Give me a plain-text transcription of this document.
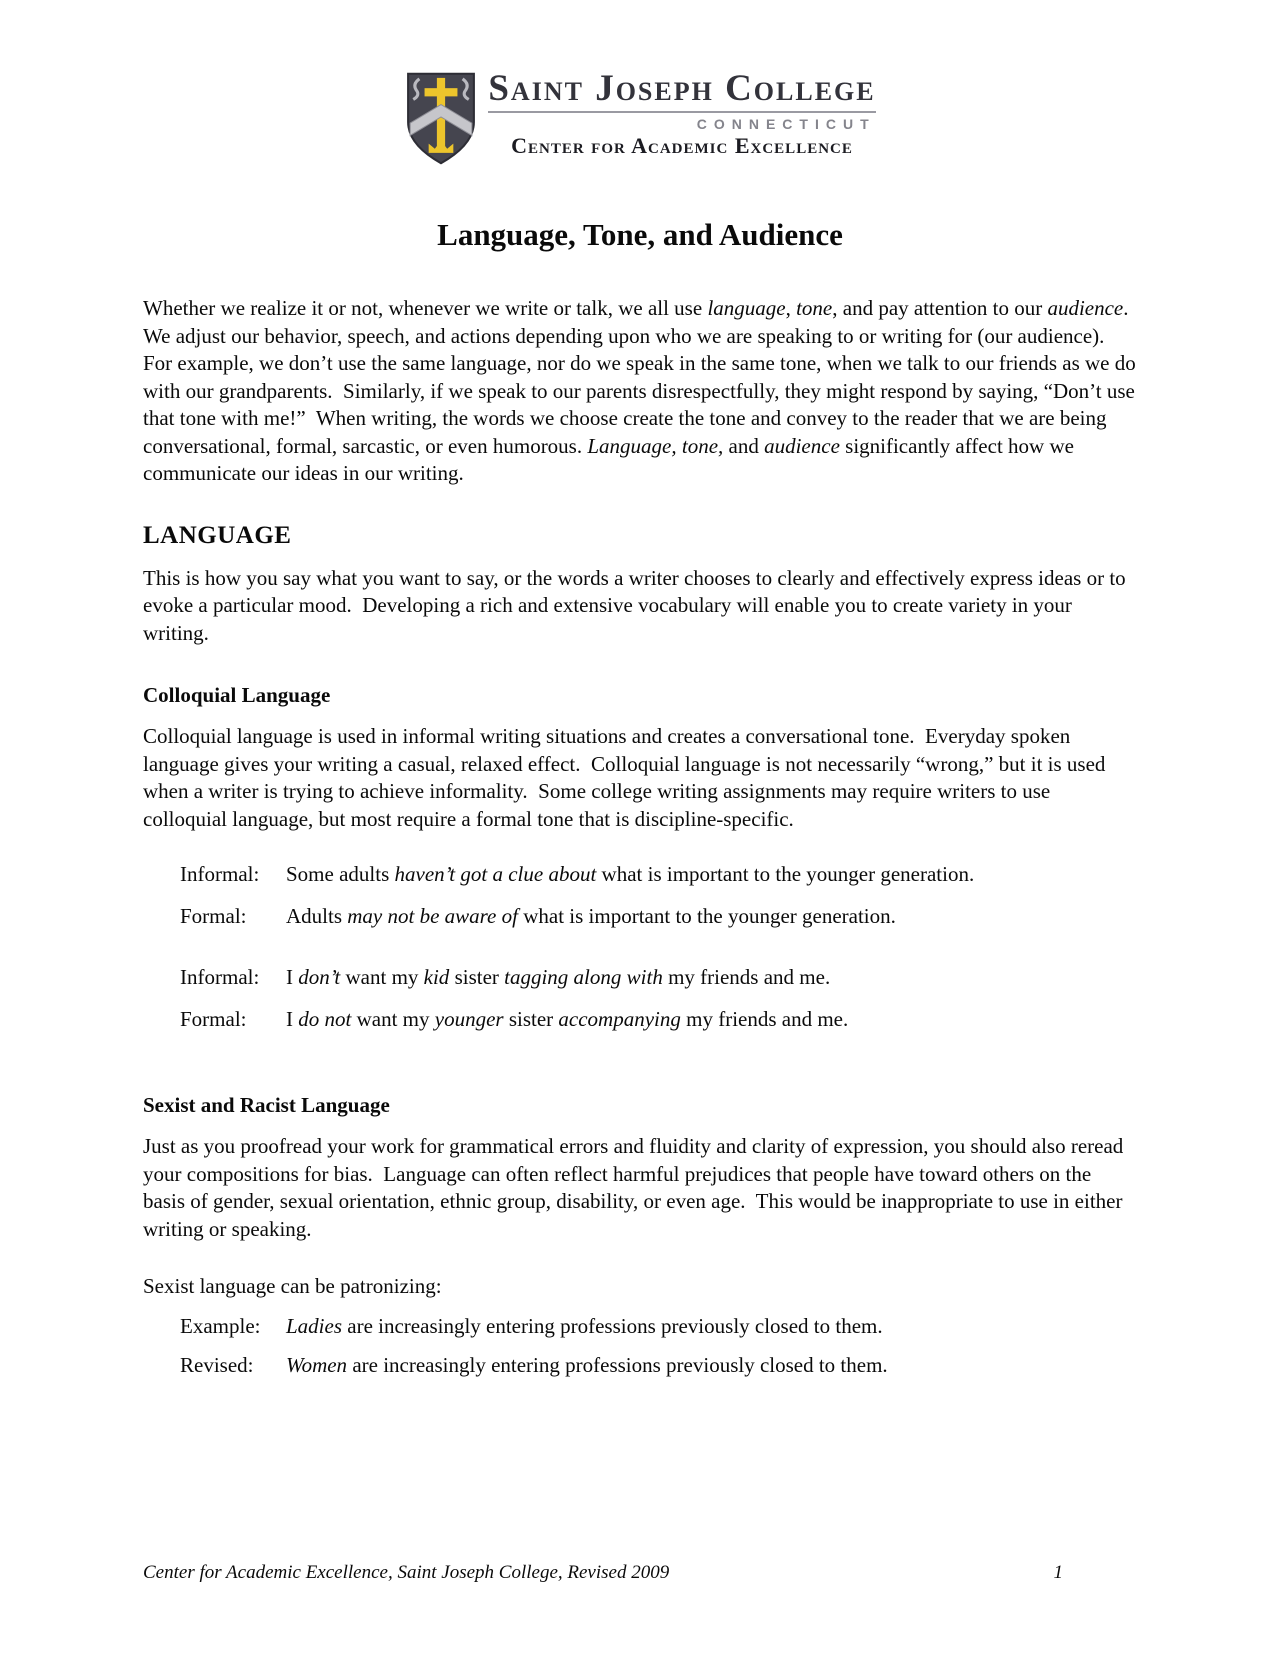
Saint Joseph College
CONNECTICUT
Center for Academic Excellence
Language, Tone, and Audience

Whether we realize it or not, whenever we write or talk, we all use language, tone, and pay attention to our audience.  We adjust our behavior, speech, and actions depending upon who we are speaking to or writing for (our audience).  For example, we don’t use the same language, nor do we speak in the same tone, when we talk to our friends as we do with our grandparents.  Similarly, if we speak to our parents disrespectfully, they might respond by saying, “Don’t use that tone with me!”  When writing, the words we choose create the tone and convey to the reader that we are being conversational, formal, sarcastic, or even humorous. Language, tone, and audience significantly affect how we communicate our ideas in our writing.

LANGUAGE

This is how you say what you want to say, or the words a writer chooses to clearly and effectively express ideas or to evoke a particular mood.  Developing a rich and extensive vocabulary will enable you to create variety in your writing.

Colloquial Language

Colloquial language is used in informal writing situations and creates a conversational tone.  Everyday spoken language gives your writing a casual, relaxed effect.  Colloquial language is not necessarily “wrong,” but it is used when a writer is trying to achieve informality.  Some college writing assignments may require writers to use colloquial language, but most require a formal tone that is discipline-specific.

Informal:	Some adults haven’t got a clue about what is important to the younger generation.
Formal:	Adults may not be aware of what is important to the younger generation.
Informal:	I don’t want my kid sister tagging along with my friends and me.
Formal:	I do not want my younger sister accompanying my friends and me.
Sexist and Racist Language

Just as you proofread your work for grammatical errors and fluidity and clarity of expression, you should also reread your compositions for bias.  Language can often reflect harmful prejudices that people have toward others on the basis of gender, sexual orientation, ethnic group, disability, or even age.  This would be inappropriate to use in either writing or speaking.

Sexist language can be patronizing:

Example:	Ladies are increasingly entering professions previously closed to them.
Revised:	Women are increasingly entering professions previously closed to them.
Center for Academic Excellence, Saint Joseph College, Revised 2009	1
